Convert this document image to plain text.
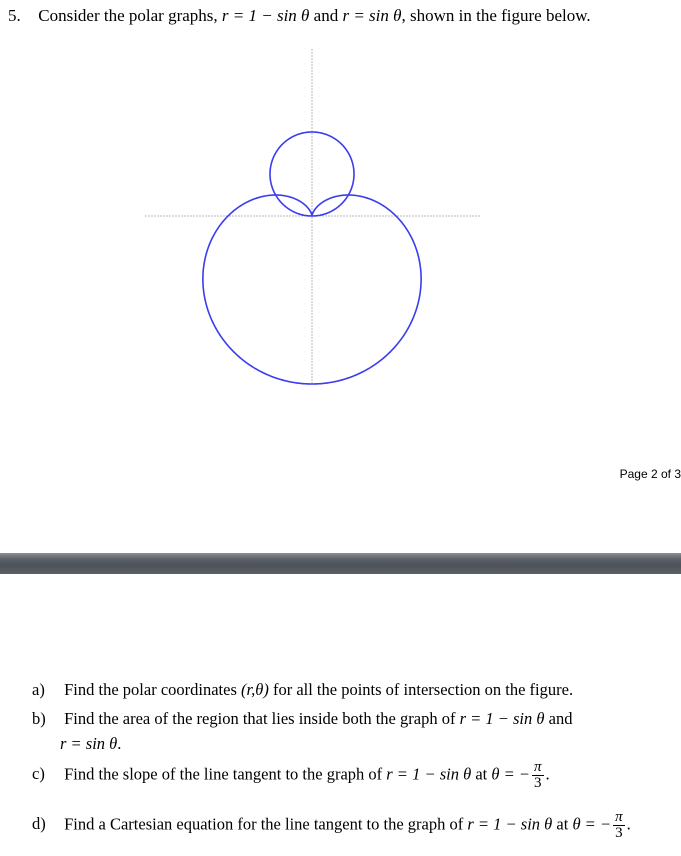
5. Consider the polar graphs, r = 1 − sin θ and r = sin θ, shown in the figure below.
Page 2 of 3
a) Find the polar coordinates (r,θ) for all the points of intersection on the figure.
b) Find the area of the region that lies inside both the graph of r = 1 − sin θ and
r = sin θ.
c) Find the slope of the line tangent to the graph of r = 1 − sin θ at θ = − $\frac{\pi}{3}$ .
d) Find a Cartesian equation for the line tangent to the graph of r = 1 − sin θ at θ = − $\frac{\pi}{3}$ .
